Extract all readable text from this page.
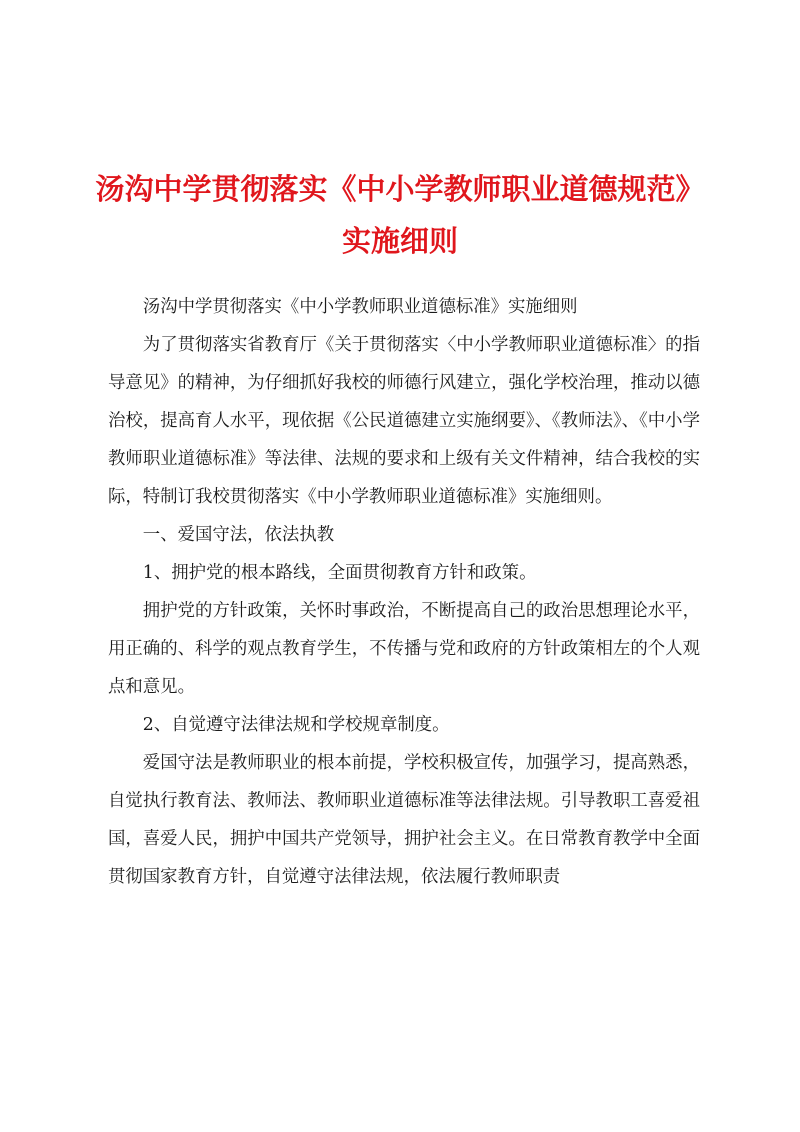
汤沟中学贯彻落实《中小学教师职业道德规范》
实施细则

汤沟中学贯彻落实《中小学教师职业道德标准》实施细则

为了贯彻落实省教育厅《关于贯彻落实〈中小学教师职业道德标准〉的指导意见》的精神，为仔细抓好我校的师德行风建立，强化学校治理，推动以德治校，提高育人水平，现依据《公民道德建立实施纲要》、《教师法》、《中小学教师职业道德标准》等法律、法规的要求和上级有关文件精神，结合我校的实际，特制订我校贯彻落实《中小学教师职业道德标准》实施细则。

一、爱国守法，依法执教

1、拥护党的根本路线，全面贯彻教育方针和政策。

拥护党的方针政策，关怀时事政治，不断提高自己的政治思想理论水平，用正确的、科学的观点教育学生，不传播与党和政府的方针政策相左的个人观点和意见。

2、自觉遵守法律法规和学校规章制度。

爱国守法是教师职业的根本前提，学校积极宣传，加强学习，提高熟悉，自觉执行教育法、教师法、教师职业道德标准等法律法规。引导教职工喜爱祖国，喜爱人民，拥护中国共产党领导，拥护社会主义。在日常教育教学中全面贯彻国家教育方针，自觉遵守法律法规，依法履行教师职责
